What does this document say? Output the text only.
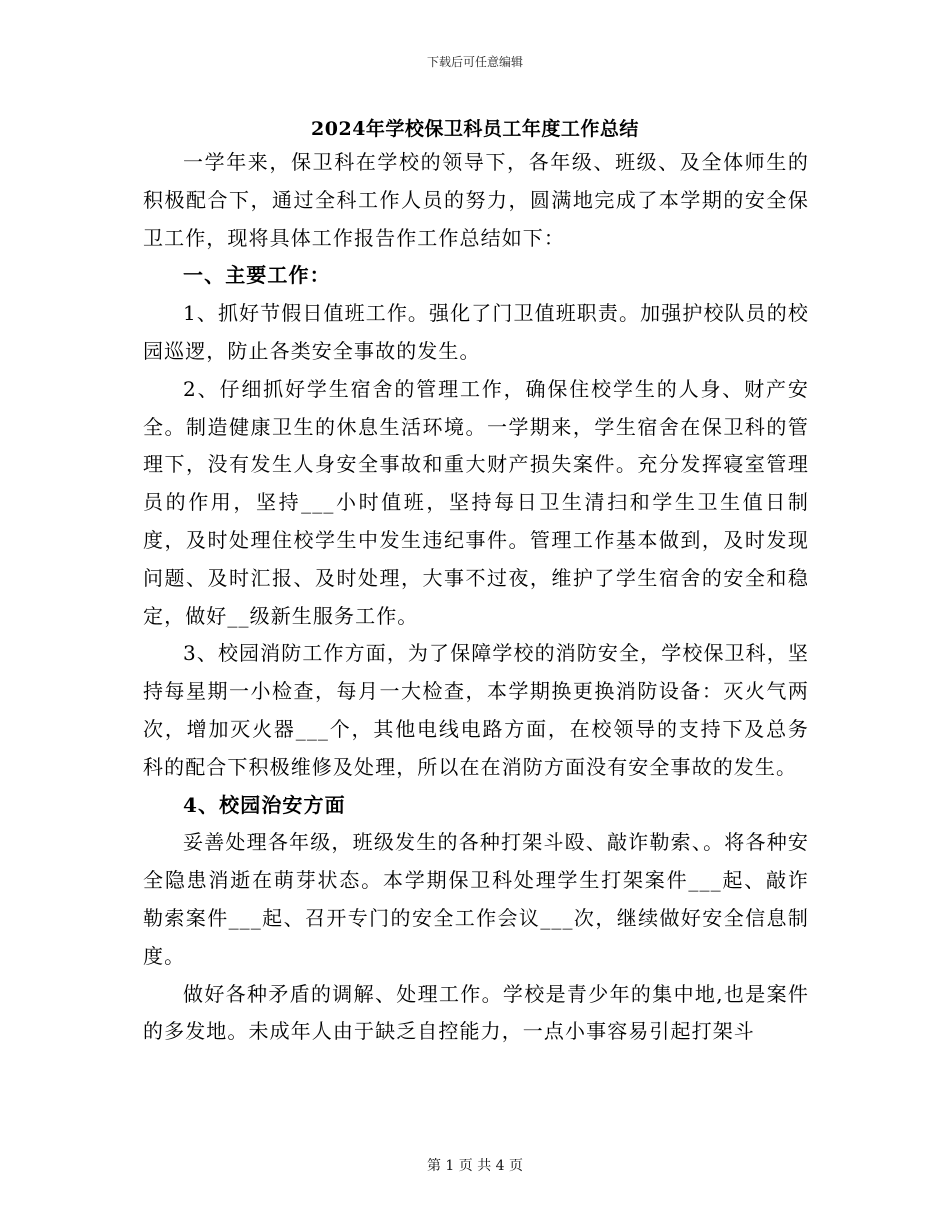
下载后可任意编辑
2024年学校保卫科员工年度工作总结

一学年来，保卫科在学校的领导下，各年级、班级、及全体师生的积极配合下，通过全科工作人员的努力，圆满地完成了本学期的安全保卫工作，现将具体工作报告作工作总结如下：

一、主要工作：

1、抓好节假日值班工作。强化了门卫值班职责。加强护校队员的校园巡逻，防止各类安全事故的发生。

2、仔细抓好学生宿舍的管理工作，确保住校学生的人身、财产安全。制造健康卫生的休息生活环境。一学期来，学生宿舍在保卫科的管理下，没有发生人身安全事故和重大财产损失案件。充分发挥寝室管理员的作用，坚持___小时值班，坚持每日卫生清扫和学生卫生值日制度，及时处理住校学生中发生违纪事件。管理工作基本做到，及时发现问题、及时汇报、及时处理，大事不过夜，维护了学生宿舍的安全和稳定，做好__级新生服务工作。

3、校园消防工作方面，为了保障学校的消防安全，学校保卫科，坚持每星期一小检查，每月一大检查，本学期换更换消防设备：灭火气两次，增加灭火器___个，其他电线电路方面，在校领导的支持下及总务科的配合下积极维修及处理，所以在在消防方面没有安全事故的发生。

4、校园治安方面

妥善处理各年级，班级发生的各种打架斗殴、敲诈勒索、。将各种安全隐患消逝在萌芽状态。本学期保卫科处理学生打架案件___起、敲诈勒索案件___起、召开专门的安全工作会议___次，继续做好安全信息制度。

做好各种矛盾的调解、处理工作。学校是青少年的集中地,也是案件的多发地。未成年人由于缺乏自控能力，一点小事容易引起打架斗

第 1 页 共 4 页
